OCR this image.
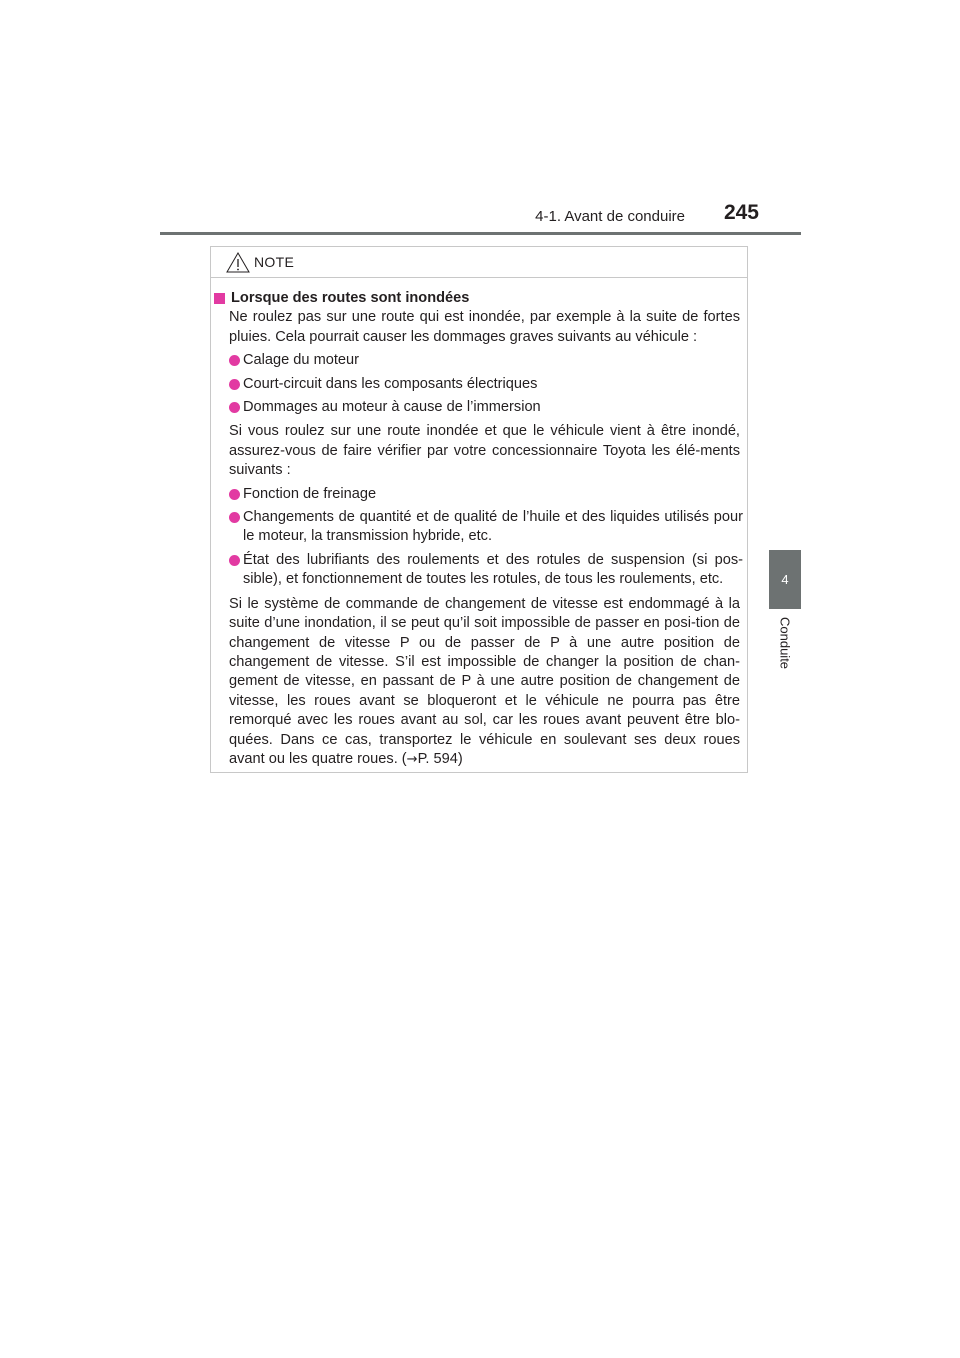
4-1. Avant de conduire 245
4
Conduite
NOTE
Lorsque des routes sont inondées

Ne roulez pas sur une route qui est inondée, par exemple à la suite de fortes pluies. Cela pourrait causer les dommages graves suivants au véhicule :

Calage du moteur
Court-circuit dans les composants électriques
Dommages au moteur à cause de l’immersion

Si vous roulez sur une route inondée et que le véhicule vient à être inondé, assurez-vous de faire vérifier par votre concessionnaire Toyota les élé-ments suivants :

Fonction de freinage
Changements de quantité et de qualité de l’huile et des liquides utilisés pour le moteur, la transmission hybride, etc.
État des lubrifiants des roulements et des rotules de suspension (si pos-sible), et fonctionnement de toutes les rotules, de tous les roulements, etc.

Si le système de commande de changement de vitesse est endommagé à la suite d’une inondation, il se peut qu’il soit impossible de passer en posi-tion de changement de vitesse P ou de passer de P à une autre position de changement de vitesse. S’il est impossible de changer la position de chan-gement de vitesse, en passant de P à une autre position de changement de vitesse, les roues avant se bloqueront et le véhicule ne pourra pas être remorqué avec les roues avant au sol, car les roues avant peuvent être blo-quées. Dans ce cas, transportez le véhicule en soulevant ses deux roues avant ou les quatre roues. (→P. 594)
